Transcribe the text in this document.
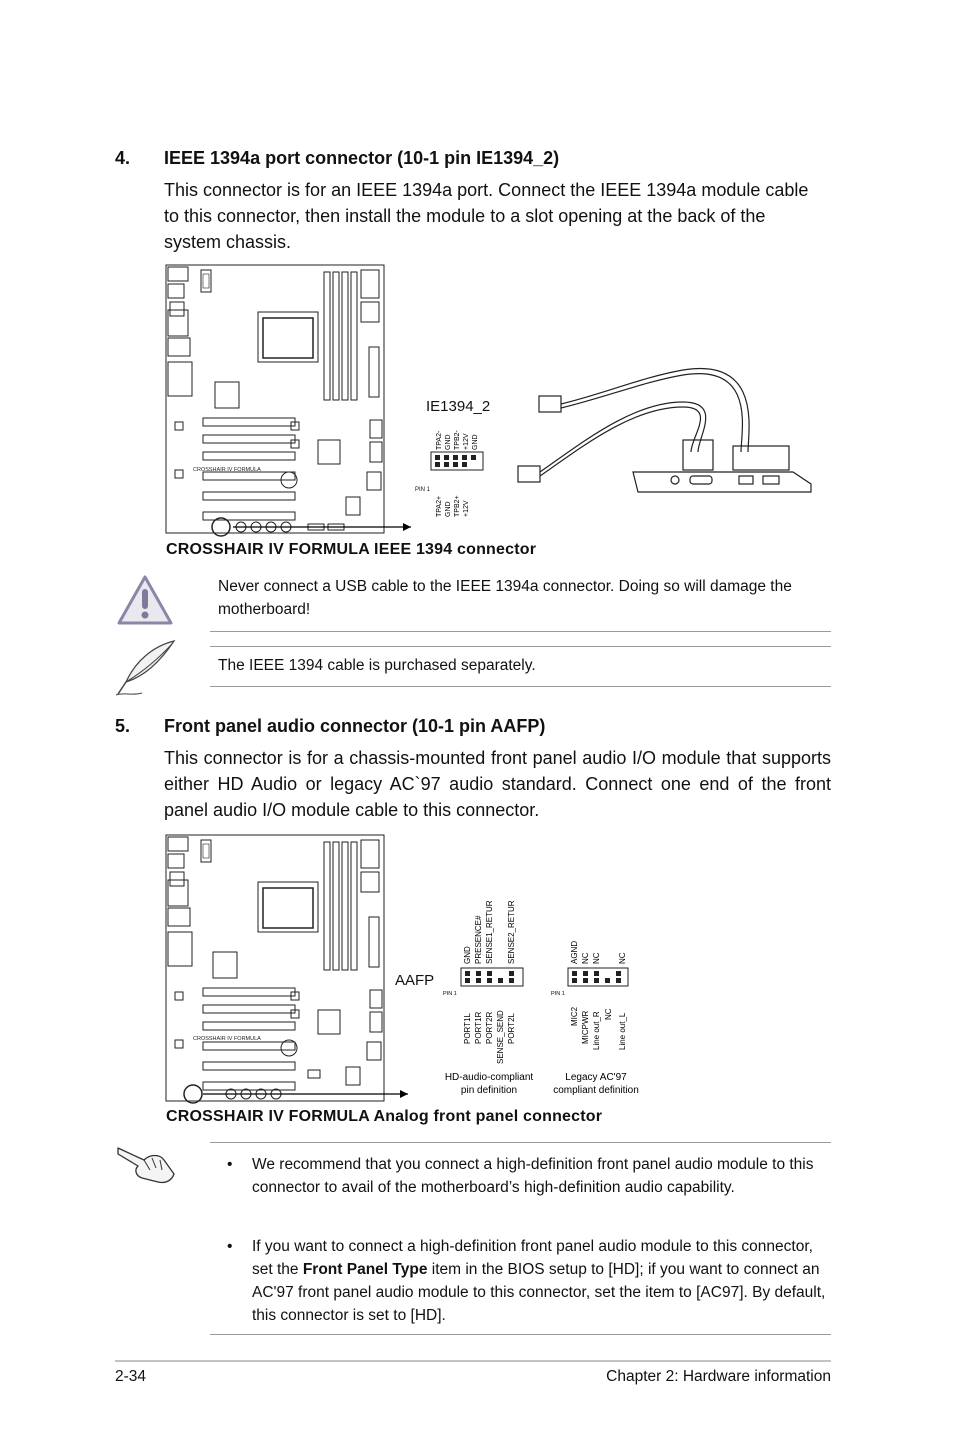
4. IEEE 1394a port connector (10-1 pin IE1394_2)
This connector is for an IEEE 1394a port. Connect the IEEE 1394a module cable to this connector, then install the module to a slot opening at the back of the system chassis.
CROSSHAIR IV FORMULA
IE1394_2
PIN 1
TPA2- GND TPB2- +12V GND
TPA2+ GND TPB2+ +12V
CROSSHAIR IV FORMULA IEEE 1394 connector
Never connect a USB cable to the IEEE 1394a connector. Doing so will damage the motherboard!
The IEEE 1394 cable is purchased separately.
5. Front panel audio connector (10-1 pin AAFP)
This connector is for a chassis-mounted front panel audio I/O module that supports either HD Audio or legacy AC`97 audio standard. Connect one end of the front panel audio I/O module cable to this connector.
CROSSHAIR IV FORMULA
AAFP
PIN 1
GND PRESENCE# SENSE1_RETUR SENSE2_RETUR
PORT1L PORT1R PORT2R SENSE_SEND PORT2L
PIN 1
AGND NC NC NC
MIC2 MICPWR Line out_R NC Line out_L
HD-audio-compliant
pin definition
Legacy AC'97
compliant definition
CROSSHAIR IV FORMULA Analog front panel connector
• We recommend that you connect a high-definition front panel audio module to this connector to avail of the motherboard’s high-definition audio capability.
• If you want to connect a high-definition front panel audio module to this connector, set the Front Panel Type item in the BIOS setup to [HD]; if you want to connect an AC'97 front panel audio module to this connector, set the item to [AC97]. By default, this connector is set to [HD].
2-34	Chapter 2: Hardware information
